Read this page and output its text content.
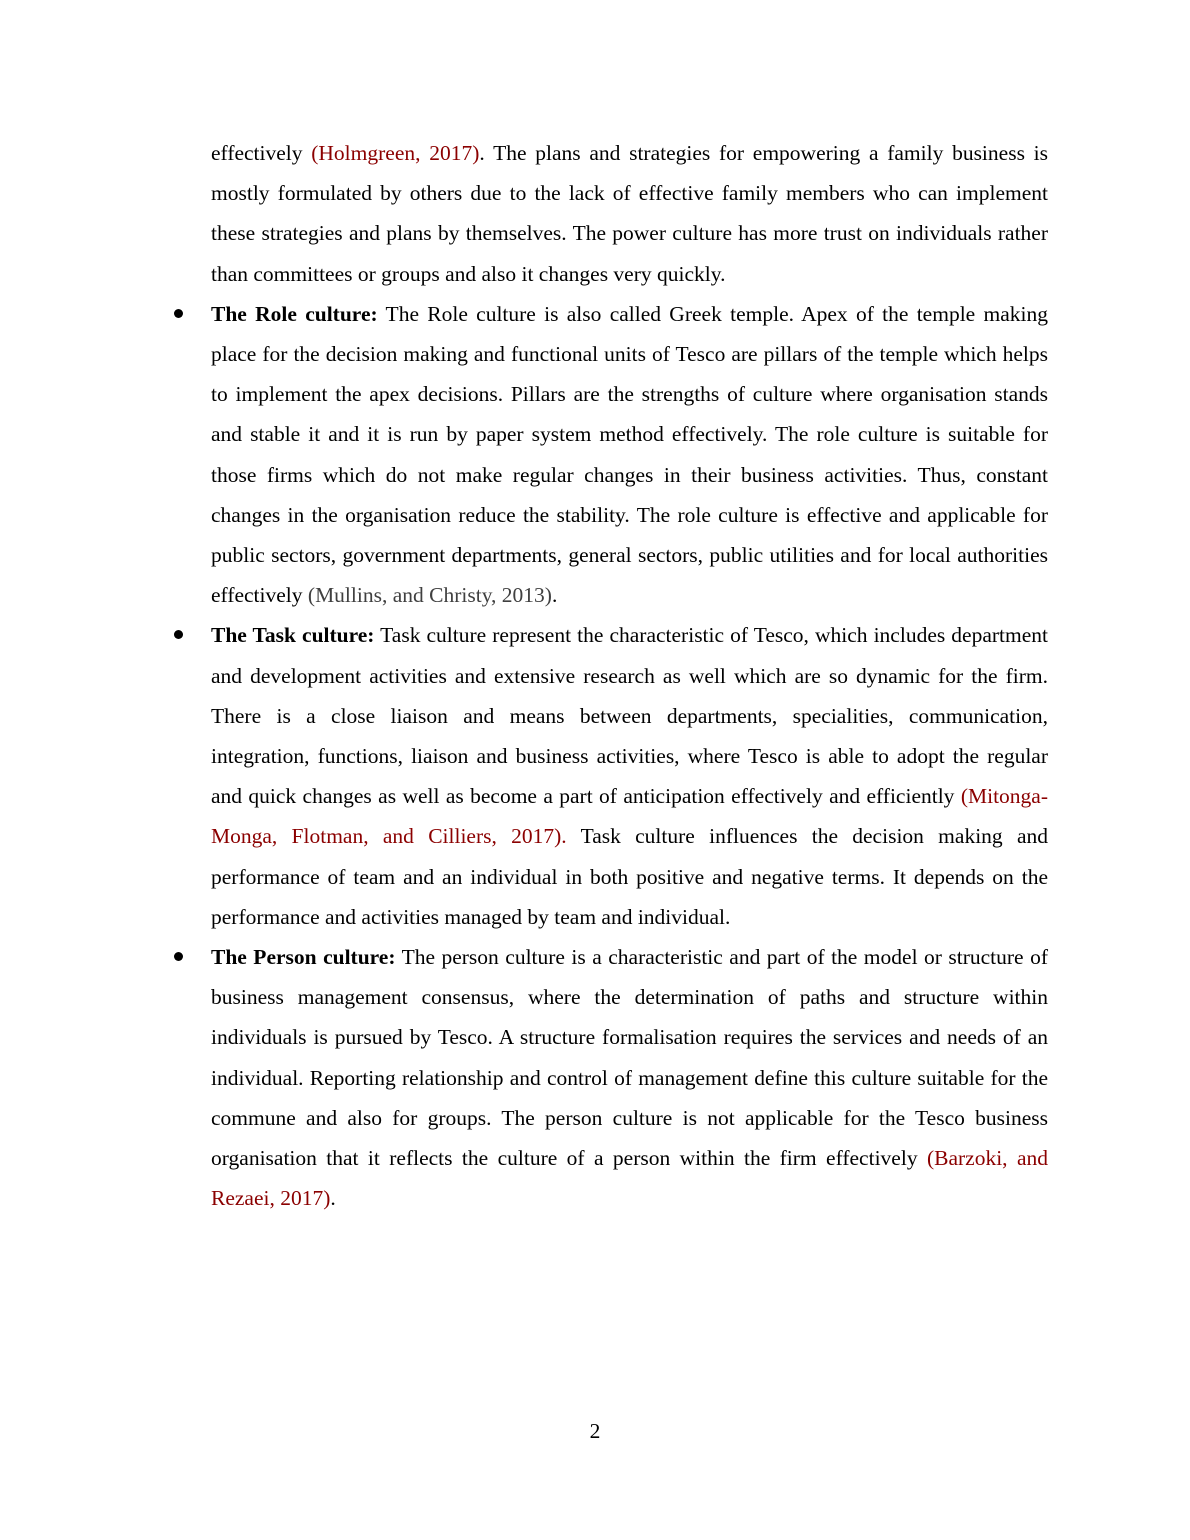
effectively (Holmgreen, 2017). The plans and strategies for empowering a family business is mostly formulated by others due to the lack of effective family members who can implement these strategies and plans by themselves. The power culture has more trust on individuals rather than committees or groups and also it changes very quickly.

The Role culture: The Role culture is also called Greek temple. Apex of the temple making place for the decision making and functional units of Tesco are pillars of the temple which helps to implement the apex decisions. Pillars are the strengths of culture where organisation stands and stable it and it is run by paper system method effectively. The role culture is suitable for those firms which do not make regular changes in their business activities. Thus, constant changes in the organisation reduce the stability. The role culture is effective and applicable for public sectors, government departments, general sectors, public utilities and for local authorities effectively (Mullins, and Christy, 2013).

The Task culture: Task culture represent the characteristic of Tesco, which includes department and development activities and extensive research as well which are so dynamic for the firm. There is a close liaison and means between departments, specialities, communication, integration, functions, liaison and business activities, where Tesco is able to adopt the regular and quick changes as well as become a part of anticipation effectively and efficiently (Mitonga-Monga, Flotman, and Cilliers, 2017). Task culture influences the decision making and performance of team and an individual in both positive and negative terms. It depends on the performance and activities managed by team and individual.

The Person culture: The person culture is a characteristic and part of the model or structure of business management consensus, where the determination of paths and structure within individuals is pursued by Tesco. A structure formalisation requires the services and needs of an individual. Reporting relationship and control of management define this culture suitable for the commune and also for groups. The person culture is not applicable for the Tesco business organisation that it reflects the culture of a person within the firm effectively (Barzoki, and Rezaei, 2017).

2
